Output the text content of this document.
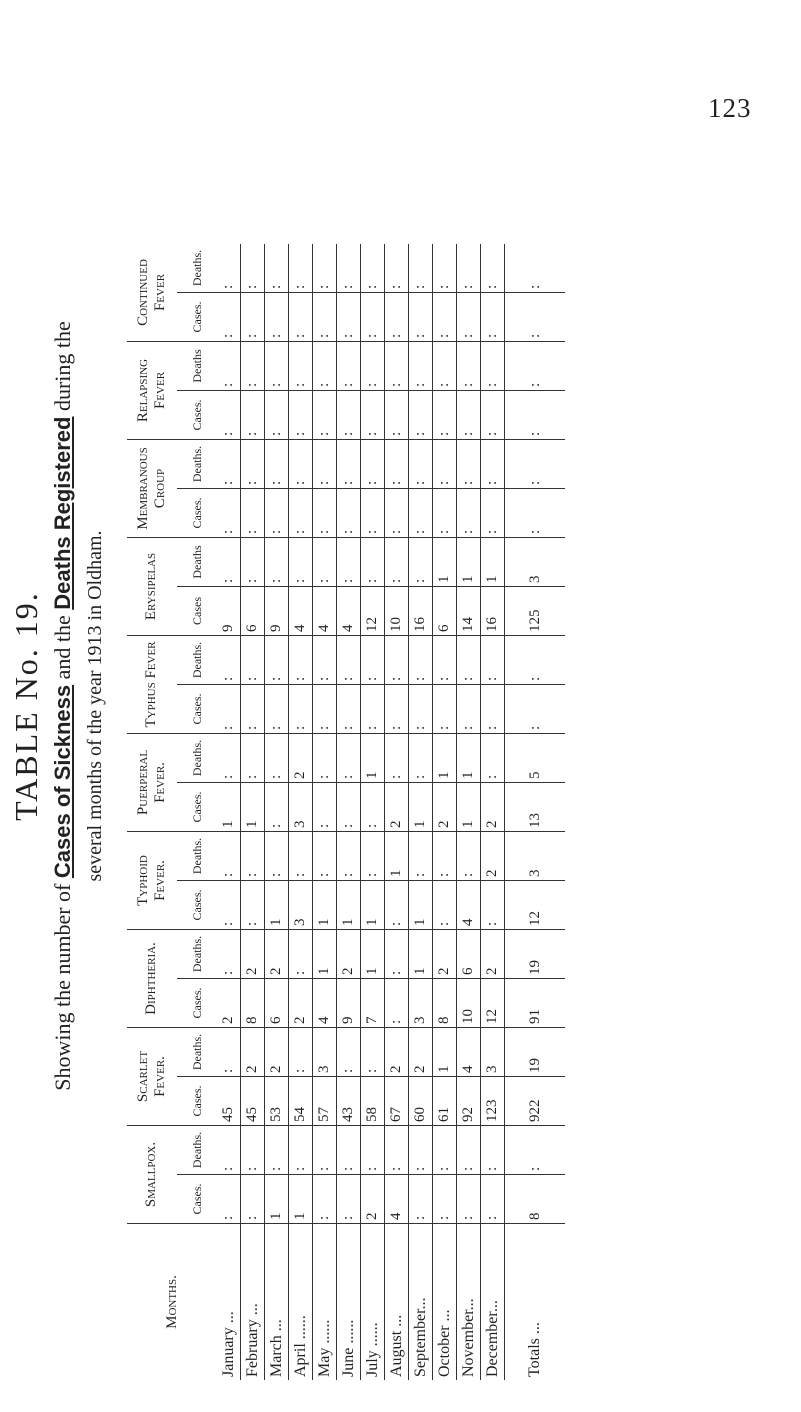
123
TABLE No. 19.
Showing the number of Cases of Sickness and the Deaths Registered during the
several months of the year 1913 in Oldham.
Months.	Smallpox.		Scarlet Fever.		Diphtheria.		Typhoid Fever.		Puerperal Fever.		Typhus Fever		Erysipelas		Membranous Croup		Relapsing Fever		Continued Fever	
	Cases.	Deaths.	Cases.	Deaths.	Cases.	Deaths.	Cases.	Deaths.	Cases.	Deaths.	Cases.	Deaths.	Cases	Deaths	Cases.	Deaths.	Cases.	Deaths	Cases.	Deaths.
January ...	:	:	45	:	2	:	:	:	1	:	:	:	9	:	:	:	:	:	:	:
February ...	:	:	45	2	8	2	:	:	1	:	:	:	6	:	:	:	:	:	:	:
March ...	1	:	53	2	6	2	1	:	:	:	:	:	9	:	:	:	:	:	:	:
April ......	1	:	54	:	2	:	3	:	3	2	:	:	4	:	:	:	:	:	:	:
May ......	:	:	57	3	4	1	1	:	:	:	:	:	4	:	:	:	:	:	:	:
June ......	:	:	43	:	9	2	1	:	:	:	:	:	4	:	:	:	:	:	:	:
July ......	2	:	58	:	7	1	1	:	:	1	:	:	12	:	:	:	:	:	:	:
August ...	4	:	67	2	:	:	:	1	2	:	:	:	10	:	:	:	:	:	:	:
September...	:	:	60	2	3	1	1	:	1	:	:	:	16	:	:	:	:	:	:	:
October ...	:	:	61	1	8	2	:	:	2	1	:	:	6	1	:	:	:	:	:	:
November...	:	:	92	4	10	6	4	:	1	1	:	:	14	1	:	:	:	:	:	:
December...	:	:	123	3	12	2	:	2	2	:	:	:	16	1	:	:	:	:	:	:
Totals ...	8	:	922	19	91	19	12	3	13	5	:	:	125	3	:	:	:	:	:	:
